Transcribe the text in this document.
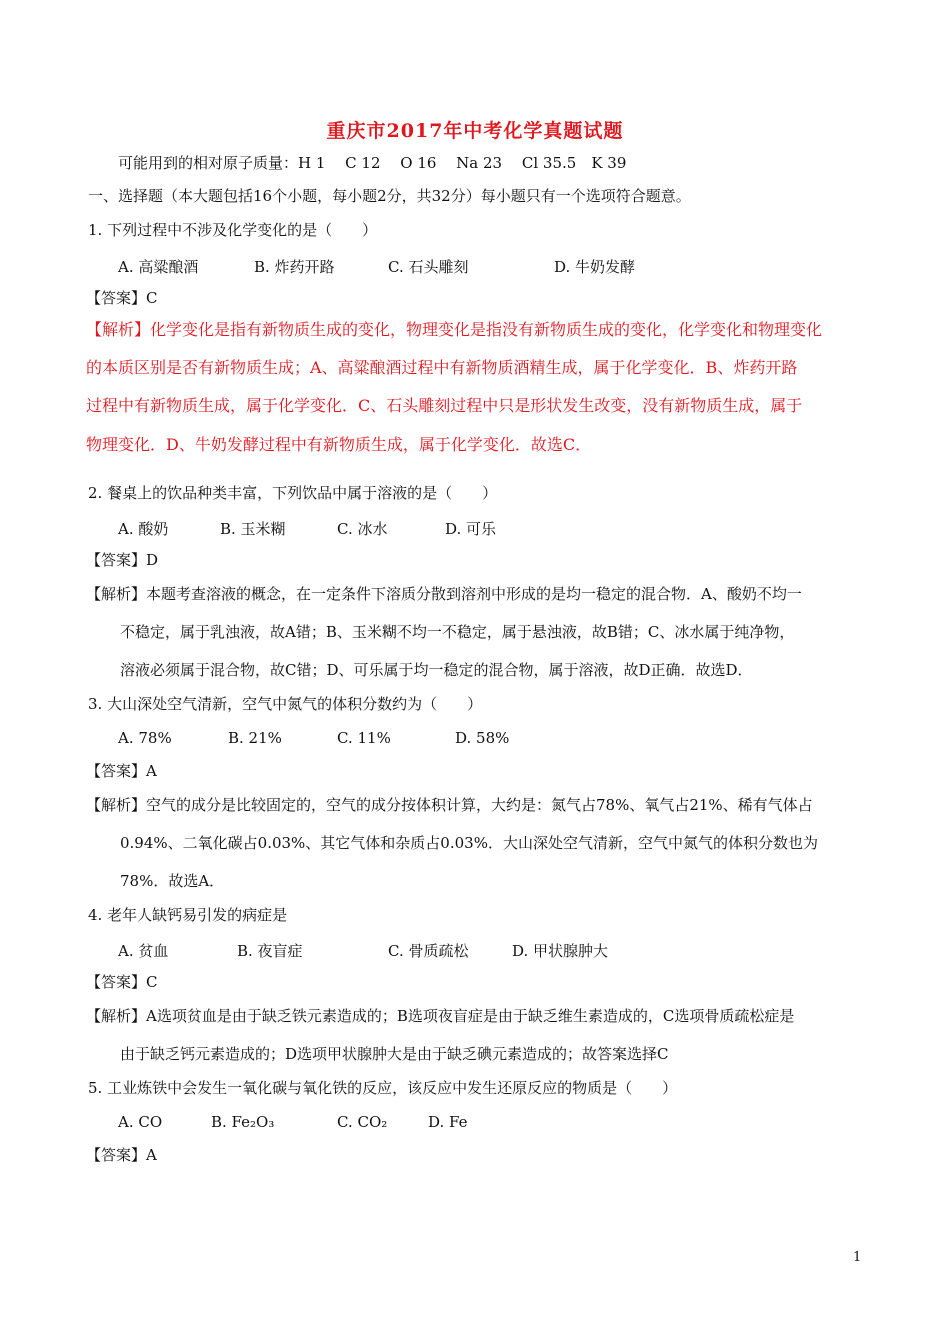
重庆市2017年中考化学真题试题
可能用到的相对原子质量：H 1　 C 12　 O 16　 Na 23　 Cl 35.5　K 39
一、选择题（本大题包括16个小题，每小题2分，共32分）每小题只有一个选项符合题意。
1. 下列过程中不涉及化学变化的是（　　）
A. 高粱酿酒	B. 炸药开路	C. 石头雕刻	D. 牛奶发酵
【答案】C
【解析】化学变化是指有新物质生成的变化，物理变化是指没有新物质生成的变化，化学变化和物理变化
的本质区别是否有新物质生成；A、高粱酿酒过程中有新物质酒精生成，属于化学变化．B、炸药开路
过程中有新物质生成，属于化学变化．C、石头雕刻过程中只是形状发生改变，没有新物质生成，属于
物理变化．D、牛奶发酵过程中有新物质生成，属于化学变化．故选C．
2. 餐桌上的饮品种类丰富，下列饮品中属于溶液的是（　　）
A. 酸奶	B. 玉米糊	C. 冰水	D. 可乐
【答案】D
【解析】本题考查溶液的概念，在一定条件下溶质分散到溶剂中形成的是均一稳定的混合物．A、酸奶不均一
不稳定，属于乳浊液，故A错；B、玉米糊不均一不稳定，属于悬浊液，故B错；C、冰水属于纯净物，
溶液必须属于混合物，故C错；D、可乐属于均一稳定的混合物，属于溶液，故D正确．故选D．
3. 大山深处空气清新，空气中氮气的体积分数约为（　　）
A. 78%	B. 21%	C. 11%	D. 58%
【答案】A
【解析】空气的成分是比较固定的，空气的成分按体积计算，大约是：氮气占78%、氧气占21%、稀有气体占
0.94%、二氧化碳占0.03%、其它气体和杂质占0.03%．大山深处空气清新，空气中氮气的体积分数也为
78%．故选A．
4. 老年人缺钙易引发的病症是
A. 贫血	B. 夜盲症	C. 骨质疏松	D. 甲状腺肿大
【答案】C
【解析】A选项贫血是由于缺乏铁元素造成的；B选项夜盲症是由于缺乏维生素造成的，C选项骨质疏松症是
由于缺乏钙元素造成的；D选项甲状腺肿大是由于缺乏碘元素造成的；故答案选择C
5. 工业炼铁中会发生一氧化碳与氧化铁的反应，该反应中发生还原反应的物质是（　　）
A. CO	B. Fe₂O₃	C. CO₂	D. Fe
【答案】A
1
